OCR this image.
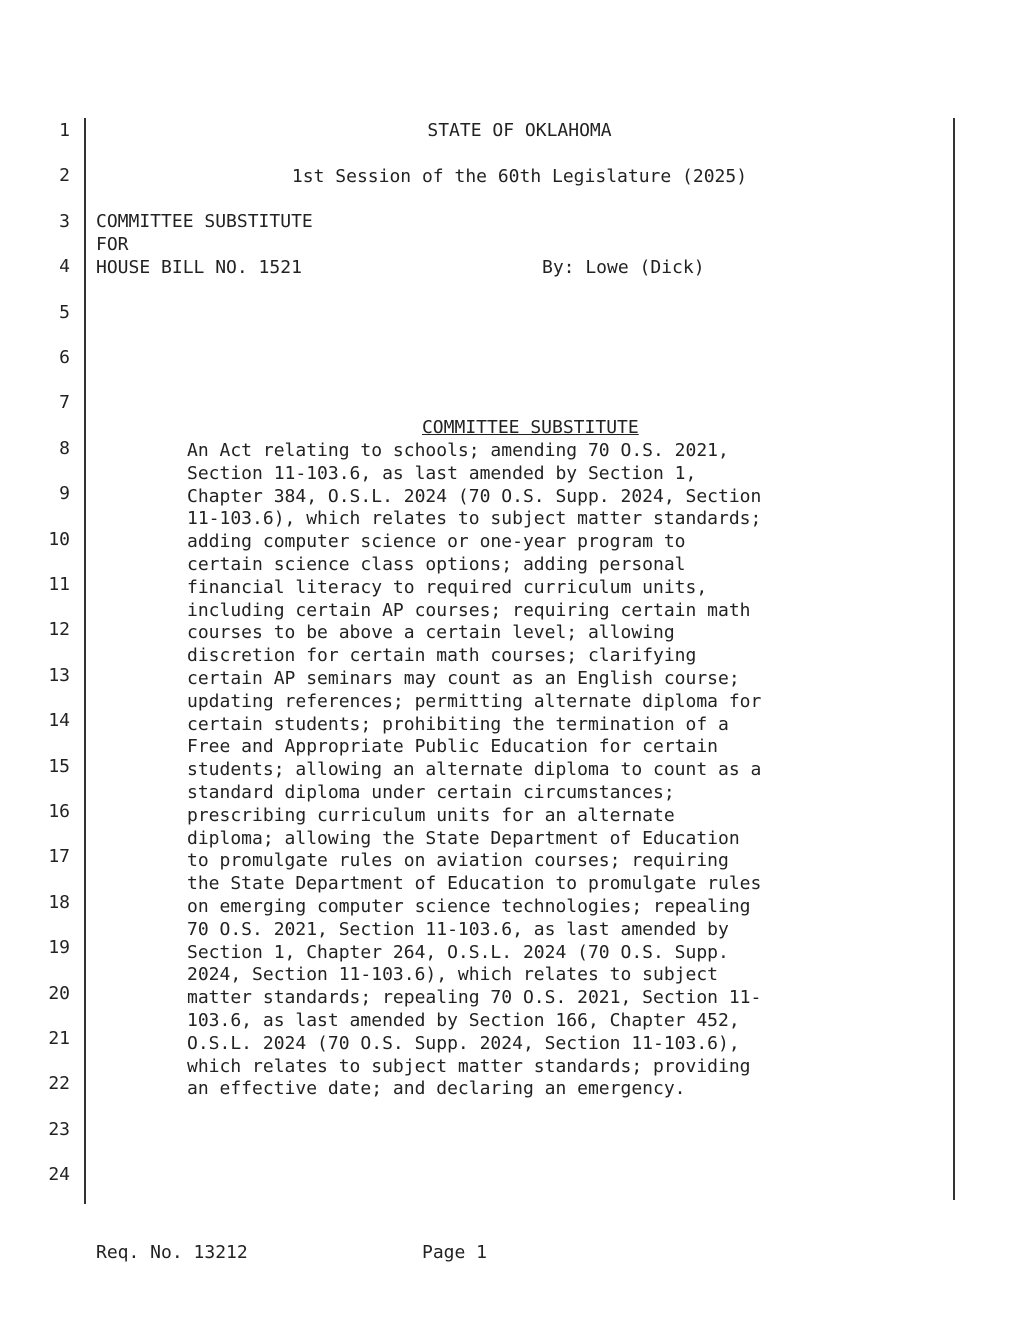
1
2
3
4
5
6
7
8
9
10
11
12
13
14
15
16
17
18
19
20
21
22
23
24
STATE OF OKLAHOMA
1st Session of the 60th Legislature (2025)
COMMITTEE SUBSTITUTE
FOR
HOUSE BILL NO. 1521	By: Lowe (Dick)

COMMITTEE SUBSTITUTE

An Act relating to schools; amending 70 O.S. 2021,
Section 11-103.6, as last amended by Section 1,
Chapter 384, O.S.L. 2024 (70 O.S. Supp. 2024, Section
11-103.6), which relates to subject matter standards;
adding computer science or one-year program to
certain science class options; adding personal
financial literacy to required curriculum units,
including certain AP courses; requiring certain math
courses to be above a certain level; allowing
discretion for certain math courses; clarifying
certain AP seminars may count as an English course;
updating references; permitting alternate diploma for
certain students; prohibiting the termination of a
Free and Appropriate Public Education for certain
students; allowing an alternate diploma to count as a
standard diploma under certain circumstances;
prescribing curriculum units for an alternate
diploma; allowing the State Department of Education
to promulgate rules on aviation courses; requiring
the State Department of Education to promulgate rules
on emerging computer science technologies; repealing
70 O.S. 2021, Section 11-103.6, as last amended by
Section 1, Chapter 264, O.S.L. 2024 (70 O.S. Supp.
2024, Section 11-103.6), which relates to subject
matter standards; repealing 70 O.S. 2021, Section 11-
103.6, as last amended by Section 166, Chapter 452,
O.S.L. 2024 (70 O.S. Supp. 2024, Section 11-103.6),
which relates to subject matter standards; providing
an effective date; and declaring an emergency.
Req. No. 13212	Page 1
